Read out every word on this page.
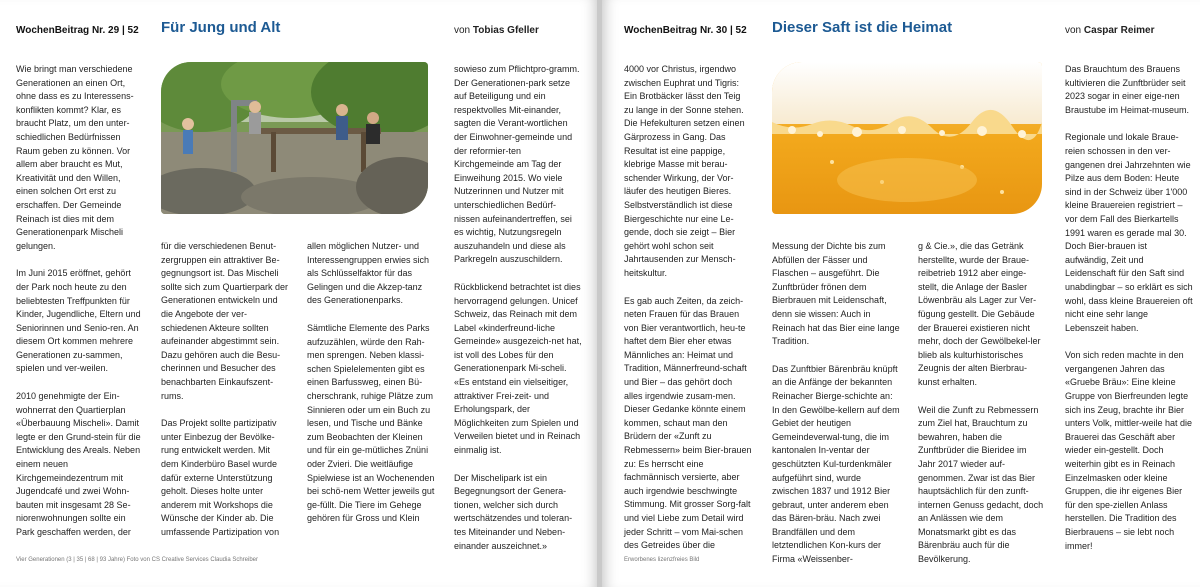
WochenBeitrag Nr. 29 | 52 Für Jung und Alt	von Tobias Gfeller

Wie bringt man verschiedene Generationen an einen Ort, ohne dass es zu Interessens-konflikten kommt? Klar, es braucht Platz, um den unter-schiedlichen Bedürfnissen Raum geben zu können. Vor allem aber braucht es Mut, Kreativität und den Willen, einen solchen Ort erst zu erschaffen. Der Gemeinde Reinach ist dies mit dem Generationenpark Mischeli gelungen.

Im Juni 2015 eröffnet, gehört der Park noch heute zu den beliebtesten Treffpunkten für Kinder, Jugendliche, Eltern und Seniorinnen und Senio-ren. An diesem Ort kommen mehrere Generationen zu-sammen, spielen und ver-weilen.

2010 genehmigte der Ein-wohnerrat den Quartierplan «Überbauung Mischeli». Damit legte er den Grund-stein für die Entwicklung des Areals. Neben einem neuen Kirchgemeindezentrum mit Jugendcafé und zwei Wohn-bauten mit insgesamt 28 Se-niorenwohnungen sollte ein Park geschaffen werden, der

für die verschiedenen Benut-zergruppen ein attraktiver Be-gegnungsort ist. Das Mischeli sollte sich zum Quartierpark der Generationen entwickeln und die Angebote der ver-schiedenen Akteure sollten aufeinander abgestimmt sein. Dazu gehören auch die Besu-cherinnen und Besucher des benachbarten Einkaufszent-rums.

Das Projekt sollte partizipativ unter Einbezug der Bevölke-rung entwickelt werden. Mit dem Kinderbüro Basel wurde dafür externe Unterstützung geholt. Dieses holte unter anderem mit Workshops die Wünsche der Kinder ab. Die umfassende Partizipation von

allen möglichen Nutzer- und Interessengruppen erwies sich als Schlüsselfaktor für das Gelingen und die Akzep-tanz des Generationenparks.

Sämtliche Elemente des Parks aufzuzählen, würde den Rah-men sprengen. Neben klassi-schen Spielelementen gibt es einen Barfussweg, einen Bü-cherschrank, ruhige Plätze zum Sinnieren oder um ein Buch zu lesen, und Tische und Bänke zum Beobachten der Kleinen und für ein ge-mütliches Znüni oder Zvieri. Die weitläufige Spielwiese ist an Wochenenden bei schö-nem Wetter jeweils gut ge-füllt. Die Tiere im Gehege gehören für Gross und Klein

sowieso zum Pflichtpro-gramm. Der Generationen-park setze auf Beteiligung und ein respektvolles Mit-einander, sagten die Verant-wortlichen der Einwohner-gemeinde und der reformier-ten Kirchgemeinde am Tag der Einweihung 2015. Wo viele Nutzerinnen und Nutzer mit unterschiedlichen Bedürf-nissen aufeinandertreffen, sei es wichtig, Nutzungsregeln auszuhandeln und diese als Parkregeln auszuschildern.

Rückblickend betrachtet ist dies hervorragend gelungen. Unicef Schweiz, das Reinach mit dem Label «kinderfreund-liche Gemeinde» ausgezeich-net hat, ist voll des Lobes für den Generationenpark Mi-scheli. «Es entstand ein vielseitiger, attraktiver Frei-zeit- und Erholungspark, der Möglichkeiten zum Spielen und Verweilen bietet und in Reinach einmalig ist.

Der Mischelipark ist ein Begegnungsort der Genera-tionen, welcher sich durch wertschätzendes und toleran-tes Miteinander und Neben-einander auszeichnet.»

Vier Generationen (3 | 35 | 68 | 93 Jahre) Foto von CS Creative Services Claudia Schreiber
WochenBeitrag Nr. 30 | 52 Dieser Saft ist die Heimat	von Caspar Reimer

4000 vor Christus, irgendwo zwischen Euphrat und Tigris: Ein Brotbäcker lässt den Teig zu lange in der Sonne stehen. Die Hefekulturen setzen einen Gärprozess in Gang. Das Resultat ist eine pappige, klebrige Masse mit berau-schender Wirkung, der Vor-läufer des heutigen Bieres. Selbstverständlich ist diese Biergeschichte nur eine Le-gende, doch sie zeigt – Bier gehört wohl schon seit Jahrtausenden zur Mensch-heitskultur.

Es gab auch Zeiten, da zeich-neten Frauen für das Brauen von Bier verantwortlich, heu-te haftet dem Bier eher etwas Männliches an: Heimat und Tradition, Männerfreund-schaft und Bier – das gehört doch alles irgendwie zusam-men. Dieser Gedanke könnte einem kommen, schaut man den Brüdern der «Zunft zu Rebmessern» beim Bier-brauen zu: Es herrscht eine fachmännisch versierte, aber auch irgendwie beschwingte Stimmung. Mit grosser Sorg-falt und viel Liebe zum Detail wird jeder Schritt – vom Mai-schen des Getreides über die

Messung der Dichte bis zum Abfüllen der Fässer und Flaschen – ausgeführt. Die Zunftbrüder frönen dem Bierbrauen mit Leidenschaft, denn sie wissen: Auch in Reinach hat das Bier eine lange Tradition.

Das Zunftbier Bärenbräu knüpft an die Anfänge der bekannten Reinacher Bierge-schichte an: In den Gewölbe-kellern auf dem Gebiet der heutigen Gemeindeverwal-tung, die im kantonalen In-ventar der geschützten Kul-turdenkmäler aufgeführt sind, wurde zwischen 1837 und 1912 Bier gebraut, unter anderem eben das Bären-bräu. Nach zwei Brandfällen und dem letztendlichen Kon-kurs der Firma «Weissenber-

g & Cie.», die das Getränk herstellte, wurde der Braue-reibetrieb 1912 aber einge-stellt, die Anlage der Basler Löwenbräu als Lager zur Ver-fügung gestellt. Die Gebäude der Brauerei existieren nicht mehr, doch der Gewölbekel-ler blieb als kulturhistorisches Zeugnis der alten Bierbrau-kunst erhalten.

Weil die Zunft zu Rebmessern zum Ziel hat, Brauchtum zu bewahren, haben die Zunftbrüder die Bieridee im Jahr 2017 wieder auf-genommen. Zwar ist das Bier hauptsächlich für den zunft-internen Genuss gedacht, doch an Anlässen wie dem Monatsmarkt gibt es das Bärenbräu auch für die Bevölkerung.

Das Brauchtum des Brauens kultivieren die Zunftbrüder seit 2023 sogar in einer eige-nen Braustube im Heimat-museum.

Regionale und lokale Braue-reien schossen in den ver-gangenen drei Jahrzehnten wie Pilze aus dem Boden: Heute sind in der Schweiz über 1'000 kleine Brauereien registriert – vor dem Fall des Bierkartells 1991 waren es gerade mal 30. Doch Bier-brauen ist aufwändig, Zeit und Leidenschaft für den Saft sind unabdingbar – so erklärt es sich wohl, dass kleine Brauereien oft nicht eine sehr lange Lebenszeit haben.

Von sich reden machte in den vergangenen Jahren das «Gruebe Bräu»: Eine kleine Gruppe von Bierfreunden legte sich ins Zeug, brachte ihr Bier unters Volk, mittler-weile hat die Brauerei das Geschäft aber wieder ein-gestellt. Doch weiterhin gibt es in Reinach Einzelmasken oder kleine Gruppen, die ihr eigenes Bier für den spe-ziellen Anlass herstellen. Die Tradition des Bierbrauens – sie lebt noch immer!

Erworbenes lizenzfreies Bild
